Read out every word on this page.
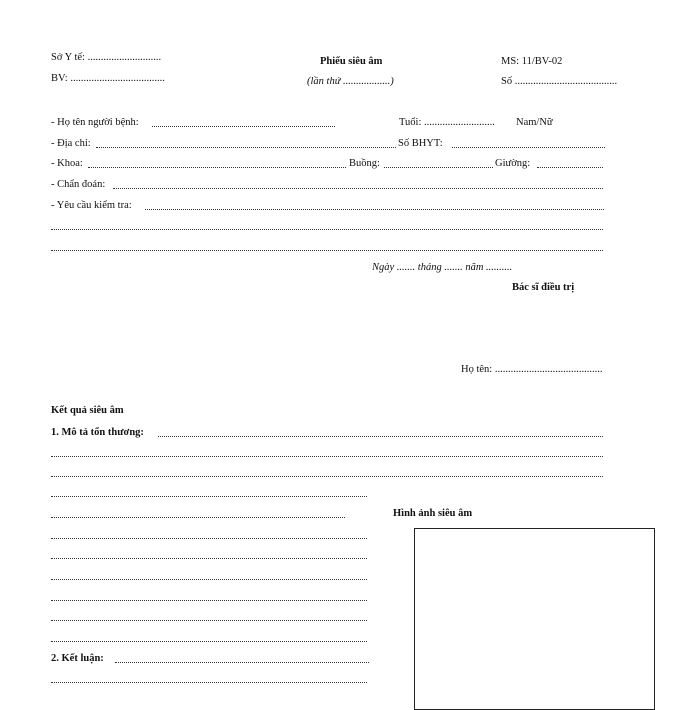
Sở Y tế: ............................
BV: ....................................
Phiếu siêu âm
(lần thứ ..................)
MS: 11/BV-02
Số .......................................
- Họ tên người bệnh:	Tuổi: ........................... Nam/Nữ
- Địa chỉ:	Số BHYT:
- Khoa:	Buồng:	Giường:
- Chẩn đoán:
- Yêu cầu kiểm tra:
Ngày ....... tháng ....... năm ..........
Bác sĩ điều trị
Họ tên: .........................................
Kết quả siêu âm
1. Mô tả tổn thương:
Hình ảnh siêu âm
2. Kết luận:
